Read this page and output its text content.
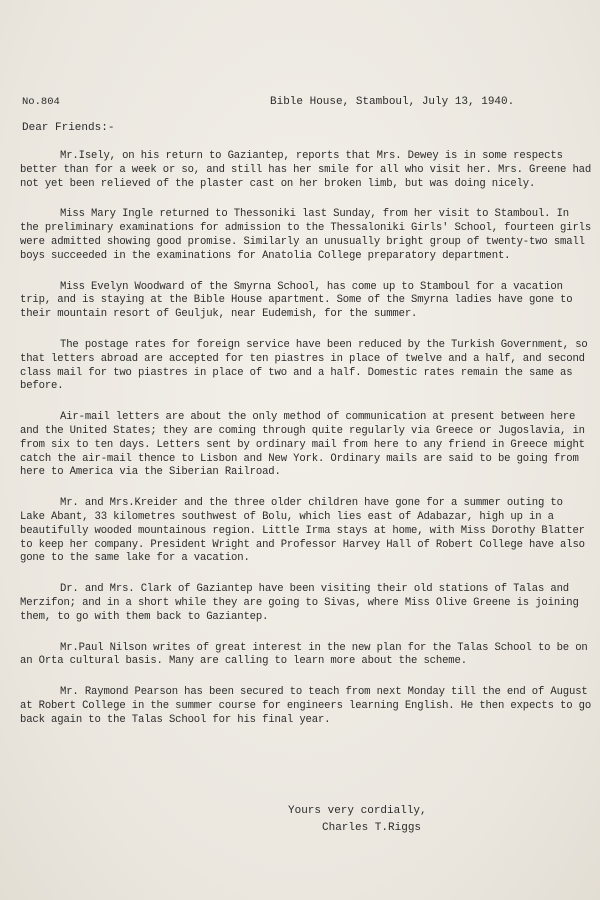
No.804	Bible House, Stamboul, July 13, 1940.
Dear Friends:-

Mr.Isely, on his return to Gaziantep, reports that Mrs. Dewey is in some respects better than for a week or so, and still has her smile for all who visit her. Mrs. Greene had not yet been relieved of the plaster cast on her broken limb, but was doing nicely.

Miss Mary Ingle returned to Thessoniki last Sunday, from her visit to Stamboul. In the preliminary examinations for admission to the Thessaloniki Girls' School, fourteen girls were admitted showing good promise. Similarly an unusually bright group of twenty-two small boys succeeded in the examinations for Anatolia College preparatory department.

Miss Evelyn Woodward of the Smyrna School, has come up to Stamboul for a vacation trip, and is staying at the Bible House apartment. Some of the Smyrna ladies have gone to their mountain resort of Geuljuk, near Eudemish, for the summer.

The postage rates for foreign service have been reduced by the Turkish Government, so that letters abroad are accepted for ten piastres in place of twelve and a half, and second class mail for two piastres in place of two and a half. Domestic rates remain the same as before.

Air-mail letters are about the only method of communication at present between here and the United States; they are coming through quite regularly via Greece or Jugoslavia, in from six to ten days. Letters sent by ordinary mail from here to any friend in Greece might catch the air-mail thence to Lisbon and New York. Ordinary mails are said to be going from here to America via the Siberian Railroad.

Mr. and Mrs.Kreider and the three older children have gone for a summer outing to Lake Abant, 33 kilometres southwest of Bolu, which lies east of Adabazar, high up in a beautifully wooded mountainous region. Little Irma stays at home, with Miss Dorothy Blatter to keep her company. President Wright and Professor Harvey Hall of Robert College have also gone to the same lake for a vacation.

Dr. and Mrs. Clark of Gaziantep have been visiting their old stations of Talas and Merzifon; and in a short while they are going to Sivas, where Miss Olive Greene is joining them, to go with them back to Gaziantep.

Mr.Paul Nilson writes of great interest in the new plan for the Talas School to be on an Orta cultural basis. Many are calling to learn more about the scheme.

Mr. Raymond Pearson has been secured to teach from next Monday till the end of August at Robert College in the summer course for engineers learning English. He then expects to go back again to the Talas School for his final year.

Yours very cordially,
Charles T.Riggs
